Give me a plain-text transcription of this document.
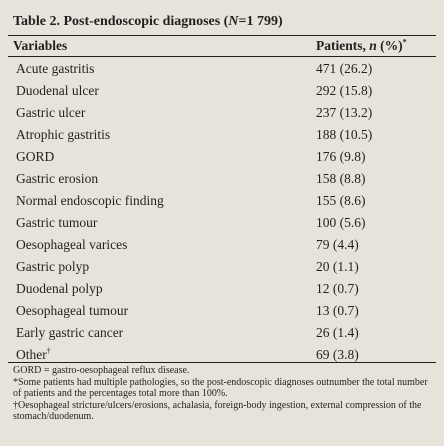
Table 2. Post-endoscopic diagnoses (N=1 799)
Variables	Patients, n (%)*
Acute gastritis	471 (26.2)
Duodenal ulcer	292 (15.8)
Gastric ulcer	237 (13.2)
Atrophic gastritis	188 (10.5)
GORD	176 (9.8)
Gastric erosion	158 (8.8)
Normal endoscopic finding	155 (8.6)
Gastric tumour	100 (5.6)
Oesophageal varices	79 (4.4)
Gastric polyp	20 (1.1)
Duodenal polyp	12 (0.7)
Oesophageal tumour	13 (0.7)
Early gastric cancer	26 (1.4)
Other†	69 (3.8)
GORD = gastro-oesophageal reflux disease.
*Some patients had multiple pathologies, so the post-endoscopic diagnoses outnumber the total number of patients and the percentages total more than 100%.
†Oesophageal stricture/ulcers/erosions, achalasia, foreign-body ingestion, external compression of the stomach/duodenum.
